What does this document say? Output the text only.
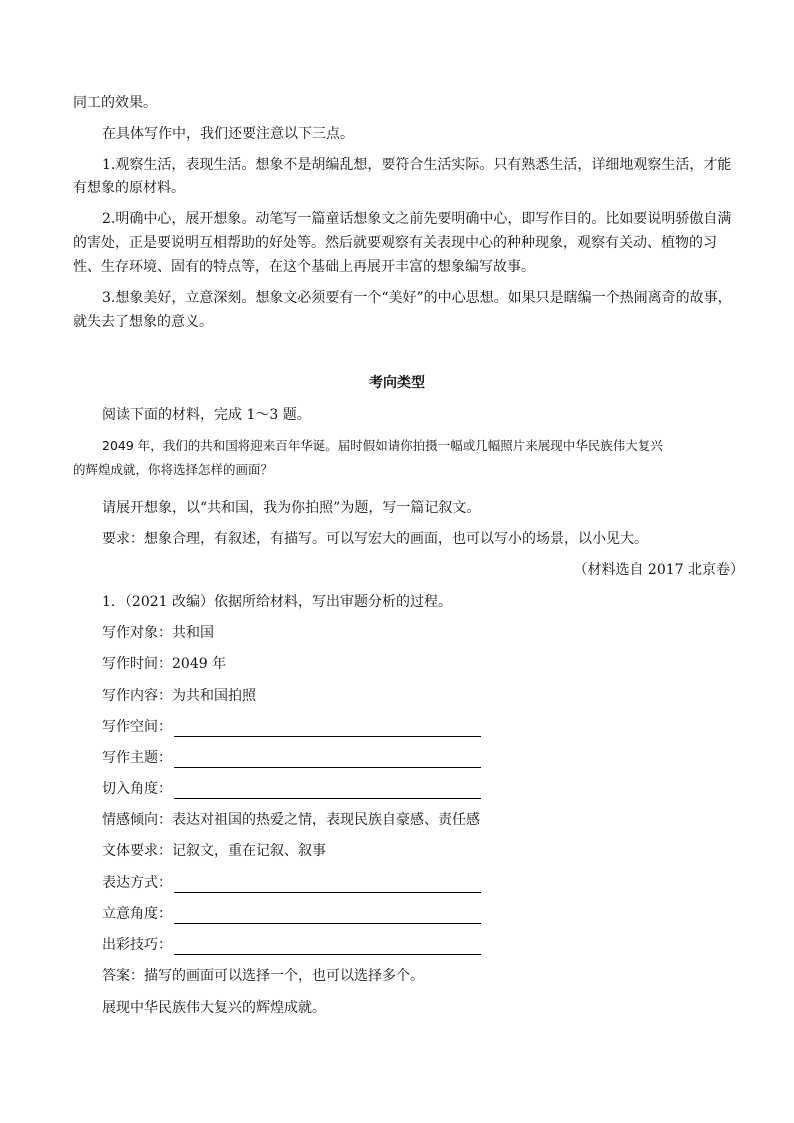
同工的效果。
在具体写作中，我们还要注意以下三点。
1.观察生活，表现生活。想象不是胡编乱想，要符合生活实际。只有熟悉生活，详细地观察生活，才能
有想象的原材料。
2.明确中心，展开想象。动笔写一篇童话想象文之前先要明确中心，即写作目的。比如要说明骄傲自满
的害处，正是要说明互相帮助的好处等。然后就要观察有关表现中心的种种现象，观察有关动、植物的习
性、生存环境、固有的特点等，在这个基础上再展开丰富的想象编写故事。
3.想象美好，立意深刻。想象文必须要有一个“美好”的中心思想。如果只是瞎编一个热闹离奇的故事，
就失去了想象的意义。
考向类型
阅读下面的材料，完成 1～3 题。
2049 年，我们的共和国将迎来百年华诞。届时假如请你拍摄一幅或几幅照片来展现中华民族伟大复兴
的辉煌成就，你将选择怎样的画面？
请展开想象，以“共和国，我为你拍照”为题，写一篇记叙文。
要求：想象合理，有叙述，有描写。可以写宏大的画面，也可以写小的场景，以小见大。
（材料选自 2017 北京卷）
1．（2021 改编）依据所给材料，写出审题分析的过程。
写作对象：共和国
写作时间：2049 年
写作内容：为共和国拍照
写作空间：
写作主题：
切入角度：
情感倾向：表达对祖国的热爱之情，表现民族自豪感、责任感
文体要求：记叙文，重在记叙、叙事
表达方式：
立意角度：
出彩技巧：
答案：描写的画面可以选择一个，也可以选择多个。
展现中华民族伟大复兴的辉煌成就。
